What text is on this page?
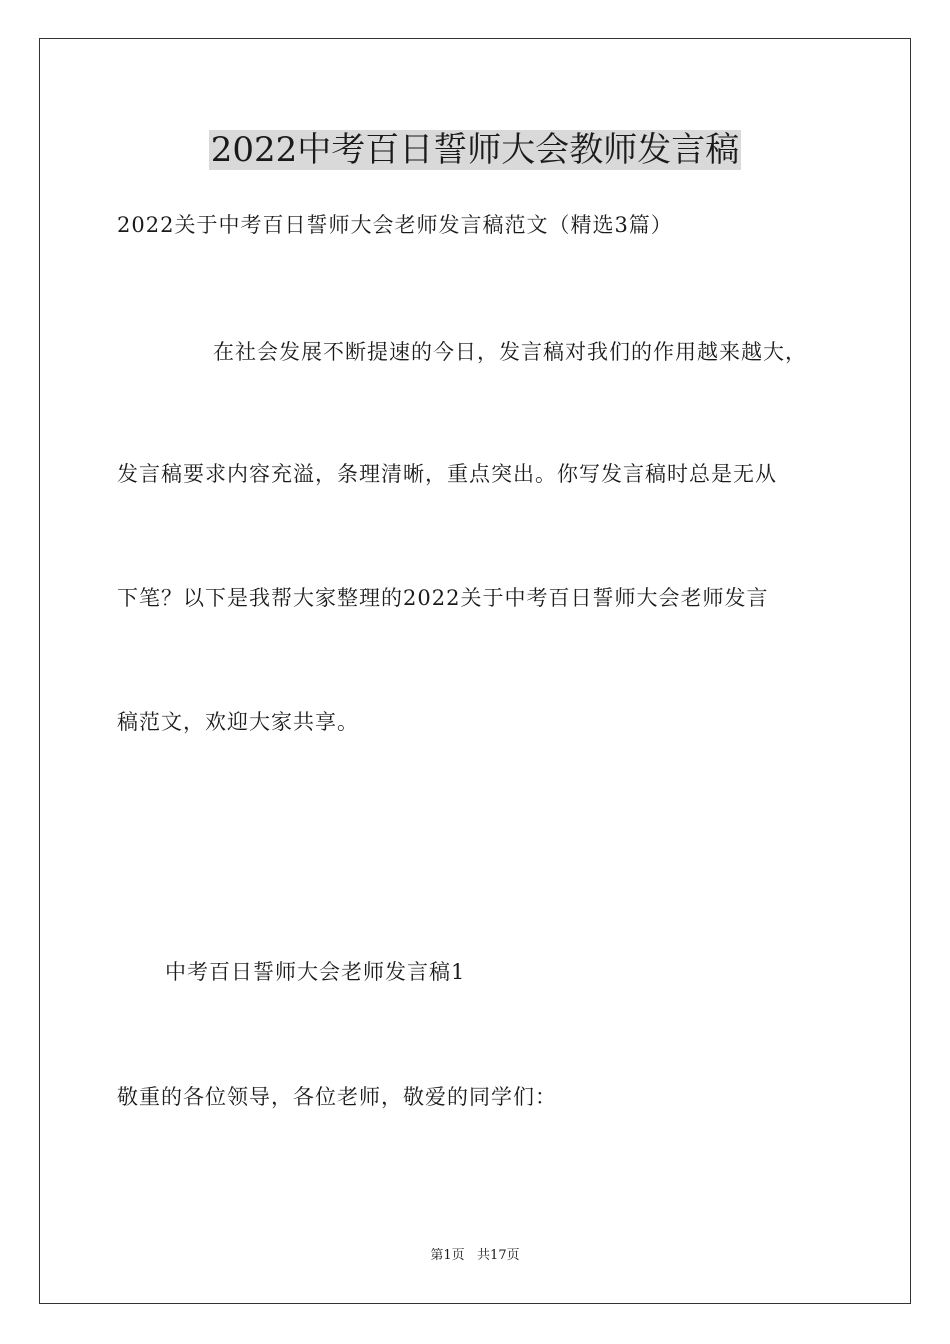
2022中考百日誓师大会教师发言稿
2022关于中考百日誓师大会老师发言稿范文（精选3篇）
在社会发展不断提速的今日，发言稿对我们的作用越来越大，
发言稿要求内容充溢，条理清晰，重点突出。你写发言稿时总是无从
下笔？以下是我帮大家整理的2022关于中考百日誓师大会老师发言
稿范文，欢迎大家共享。
中考百日誓师大会老师发言稿1
敬重的各位领导，各位老师，敬爱的同学们：
第1页   共17页
